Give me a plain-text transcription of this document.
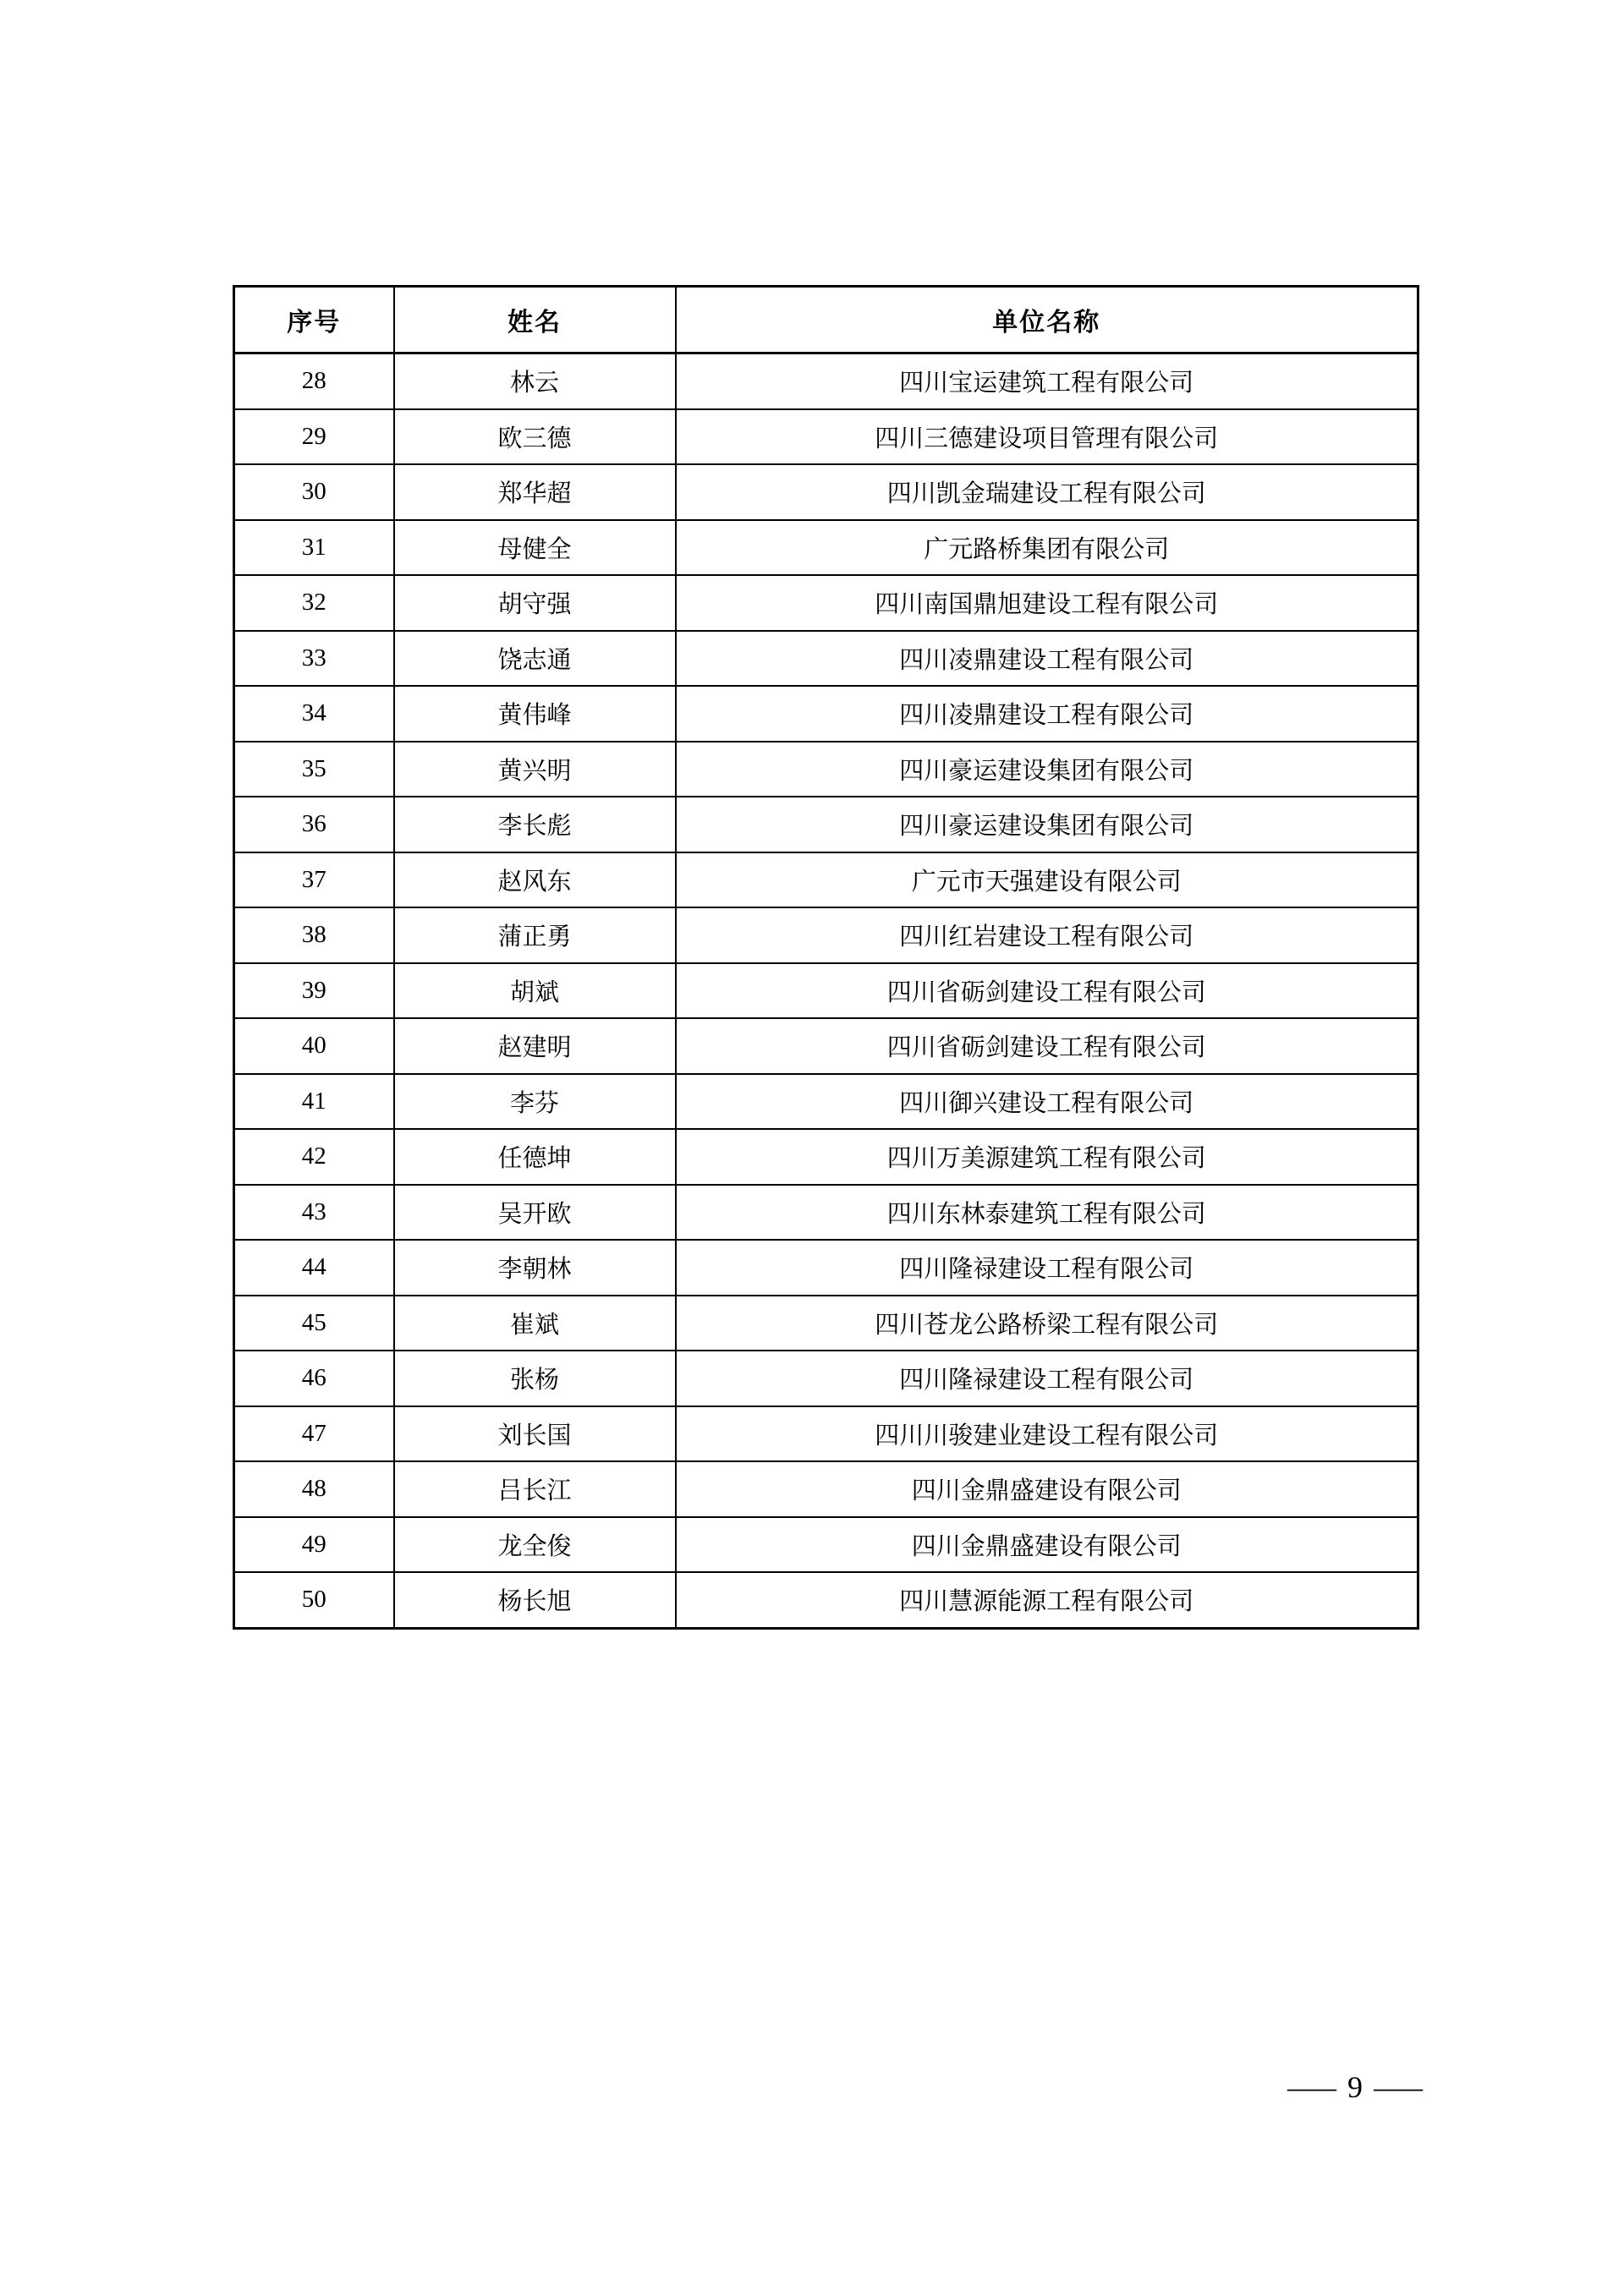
序号	姓名	单位名称
28	林云	四川宝运建筑工程有限公司
29	欧三德	四川三德建设项目管理有限公司
30	郑华超	四川凯金瑞建设工程有限公司
31	母健全	广元路桥集团有限公司
32	胡守强	四川南国鼎旭建设工程有限公司
33	饶志通	四川凌鼎建设工程有限公司
34	黄伟峰	四川凌鼎建设工程有限公司
35	黄兴明	四川豪运建设集团有限公司
36	李长彪	四川豪运建设集团有限公司
37	赵风东	广元市天强建设有限公司
38	蒲正勇	四川红岩建设工程有限公司
39	胡斌	四川省砺剑建设工程有限公司
40	赵建明	四川省砺剑建设工程有限公司
41	李芬	四川御兴建设工程有限公司
42	任德坤	四川万美源建筑工程有限公司
43	吴开欧	四川东林泰建筑工程有限公司
44	李朝林	四川隆禄建设工程有限公司
45	崔斌	四川苍龙公路桥梁工程有限公司
46	张杨	四川隆禄建设工程有限公司
47	刘长国	四川川骏建业建设工程有限公司
48	吕长江	四川金鼎盛建设有限公司
49	龙全俊	四川金鼎盛建设有限公司
50	杨长旭	四川慧源能源工程有限公司
— 9 —
